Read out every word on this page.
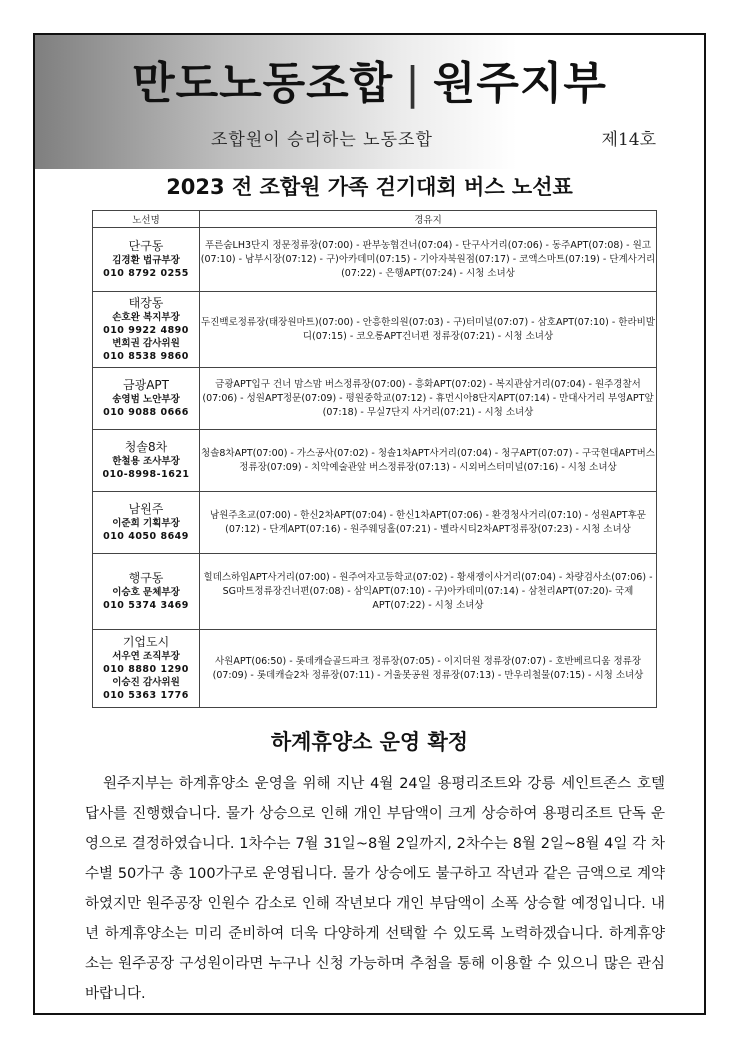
만도노동조합 | 원주지부
조합원이 승리하는 노동조합	제14호
2023 전 조합원 가족 걷기대회 버스 노선표
노선명	경유지

단구동
김경환 법규부장
010 8792 0255	푸른숨LH3단지 정문정류장(07:00) - 판부농협건너(07:04) - 단구사거리(07:06) - 동주APT(07:08) - 원고(07:10) - 남부시장(07:12) - 구)아카데미(07:15) - 기아자북원점(07:17) - 코액스마트(07:19) - 단계사거리(07:22) - 은행APT(07:24) - 시청 소녀상

태장동
손호완 복지부장
010 9922 4890
변희권 감사위원
010 8538 9860	두진백로정류장(태장원마트)(07:00) - 안흥한의원(07:03) - 구)터미널(07:07) - 삼호APT(07:10) - 한라비발디(07:15) - 코오롱APT건너편 정류장(07:21) - 시청 소녀상

금광APT
송영범 노안부장
010 9088 0666	금광APT입구 건너 맘스맘 버스정류장(07:00) - 흥화APT(07:02) - 복지관삼거리(07:04) - 원주경찰서(07:06) - 성원APT정문(07:09) - 평원중학교(07:12) - 휴먼시아8단지APT(07:14) - 만대사거리 부영APT앞(07:18) - 무실7단지 사거리(07:21) - 시청 소녀상

청솔8차
한철용 조사부장
010-8998-1621	청솔8차APT(07:00) - 가스공사(07:02) - 청솔1차APT사거리(07:04) - 청구APT(07:07) - 구국현대APT버스정류장(07:09) - 치악예술관앞 버스정류장(07:13) - 시외버스터미널(07:16) - 시청 소녀상

남원주
이준희 기획부장
010 4050 8649	남원주초교(07:00) - 한신2차APT(07:04) - 한신1차APT(07:06) - 환경청사거리(07:10) - 성원APT후문(07:12) - 단계APT(07:16) - 원주웨딩홀(07:21) - 벨라시티2차APT정류장(07:23) - 시청 소녀상

행구동
이승호 문체부장
010 5374 3469	힐데스하임APT사거리(07:00) - 원주여자고등학교(07:02) - 황새쟁이사거리(07:04) - 차량검사소(07:06) - SG마트정류장건너편(07:08) - 삼익APT(07:10) - 구)아카데미(07:14) - 삼천리APT(07:20)- 국제APT(07:22) - 시청 소녀상

기업도시
서우연 조직부장
010 8880 1290
이승진 감사위원
010 5363 1776	사원APT(06:50) - 롯데캐슬골드파크 정류장(07:05) - 이지더원 정류장(07:07) - 호반베르디움 정류장(07:09) - 롯데캐슬2차 정류장(07:11) - 거울못공원 정류장(07:13) - 만우리철물(07:15) - 시청 소녀상
하계휴양소 운영 확정
원주지부는 하계휴양소 운영을 위해 지난 4월 24일 용평리조트와 강릉 세인트존스 호텔 답사를 진행했습니다. 물가 상승으로 인해 개인 부담액이 크게 상승하여 용평리조트 단독 운영으로 결정하였습니다. 1차수는 7월 31일~8월 2일까지, 2차수는 8월 2일~8월 4일 각 차수별 50가구 총 100가구로 운영됩니다. 물가 상승에도 불구하고 작년과 같은 금액으로 계약하였지만 원주공장 인원수 감소로 인해 작년보다 개인 부담액이 소폭 상승할 예정입니다. 내년 하계휴양소는 미리 준비하여 더욱 다양하게 선택할 수 있도록 노력하겠습니다. 하계휴양소는 원주공장 구성원이라면 누구나 신청 가능하며 추첨을 통해 이용할 수 있으니 많은 관심 바랍니다.
